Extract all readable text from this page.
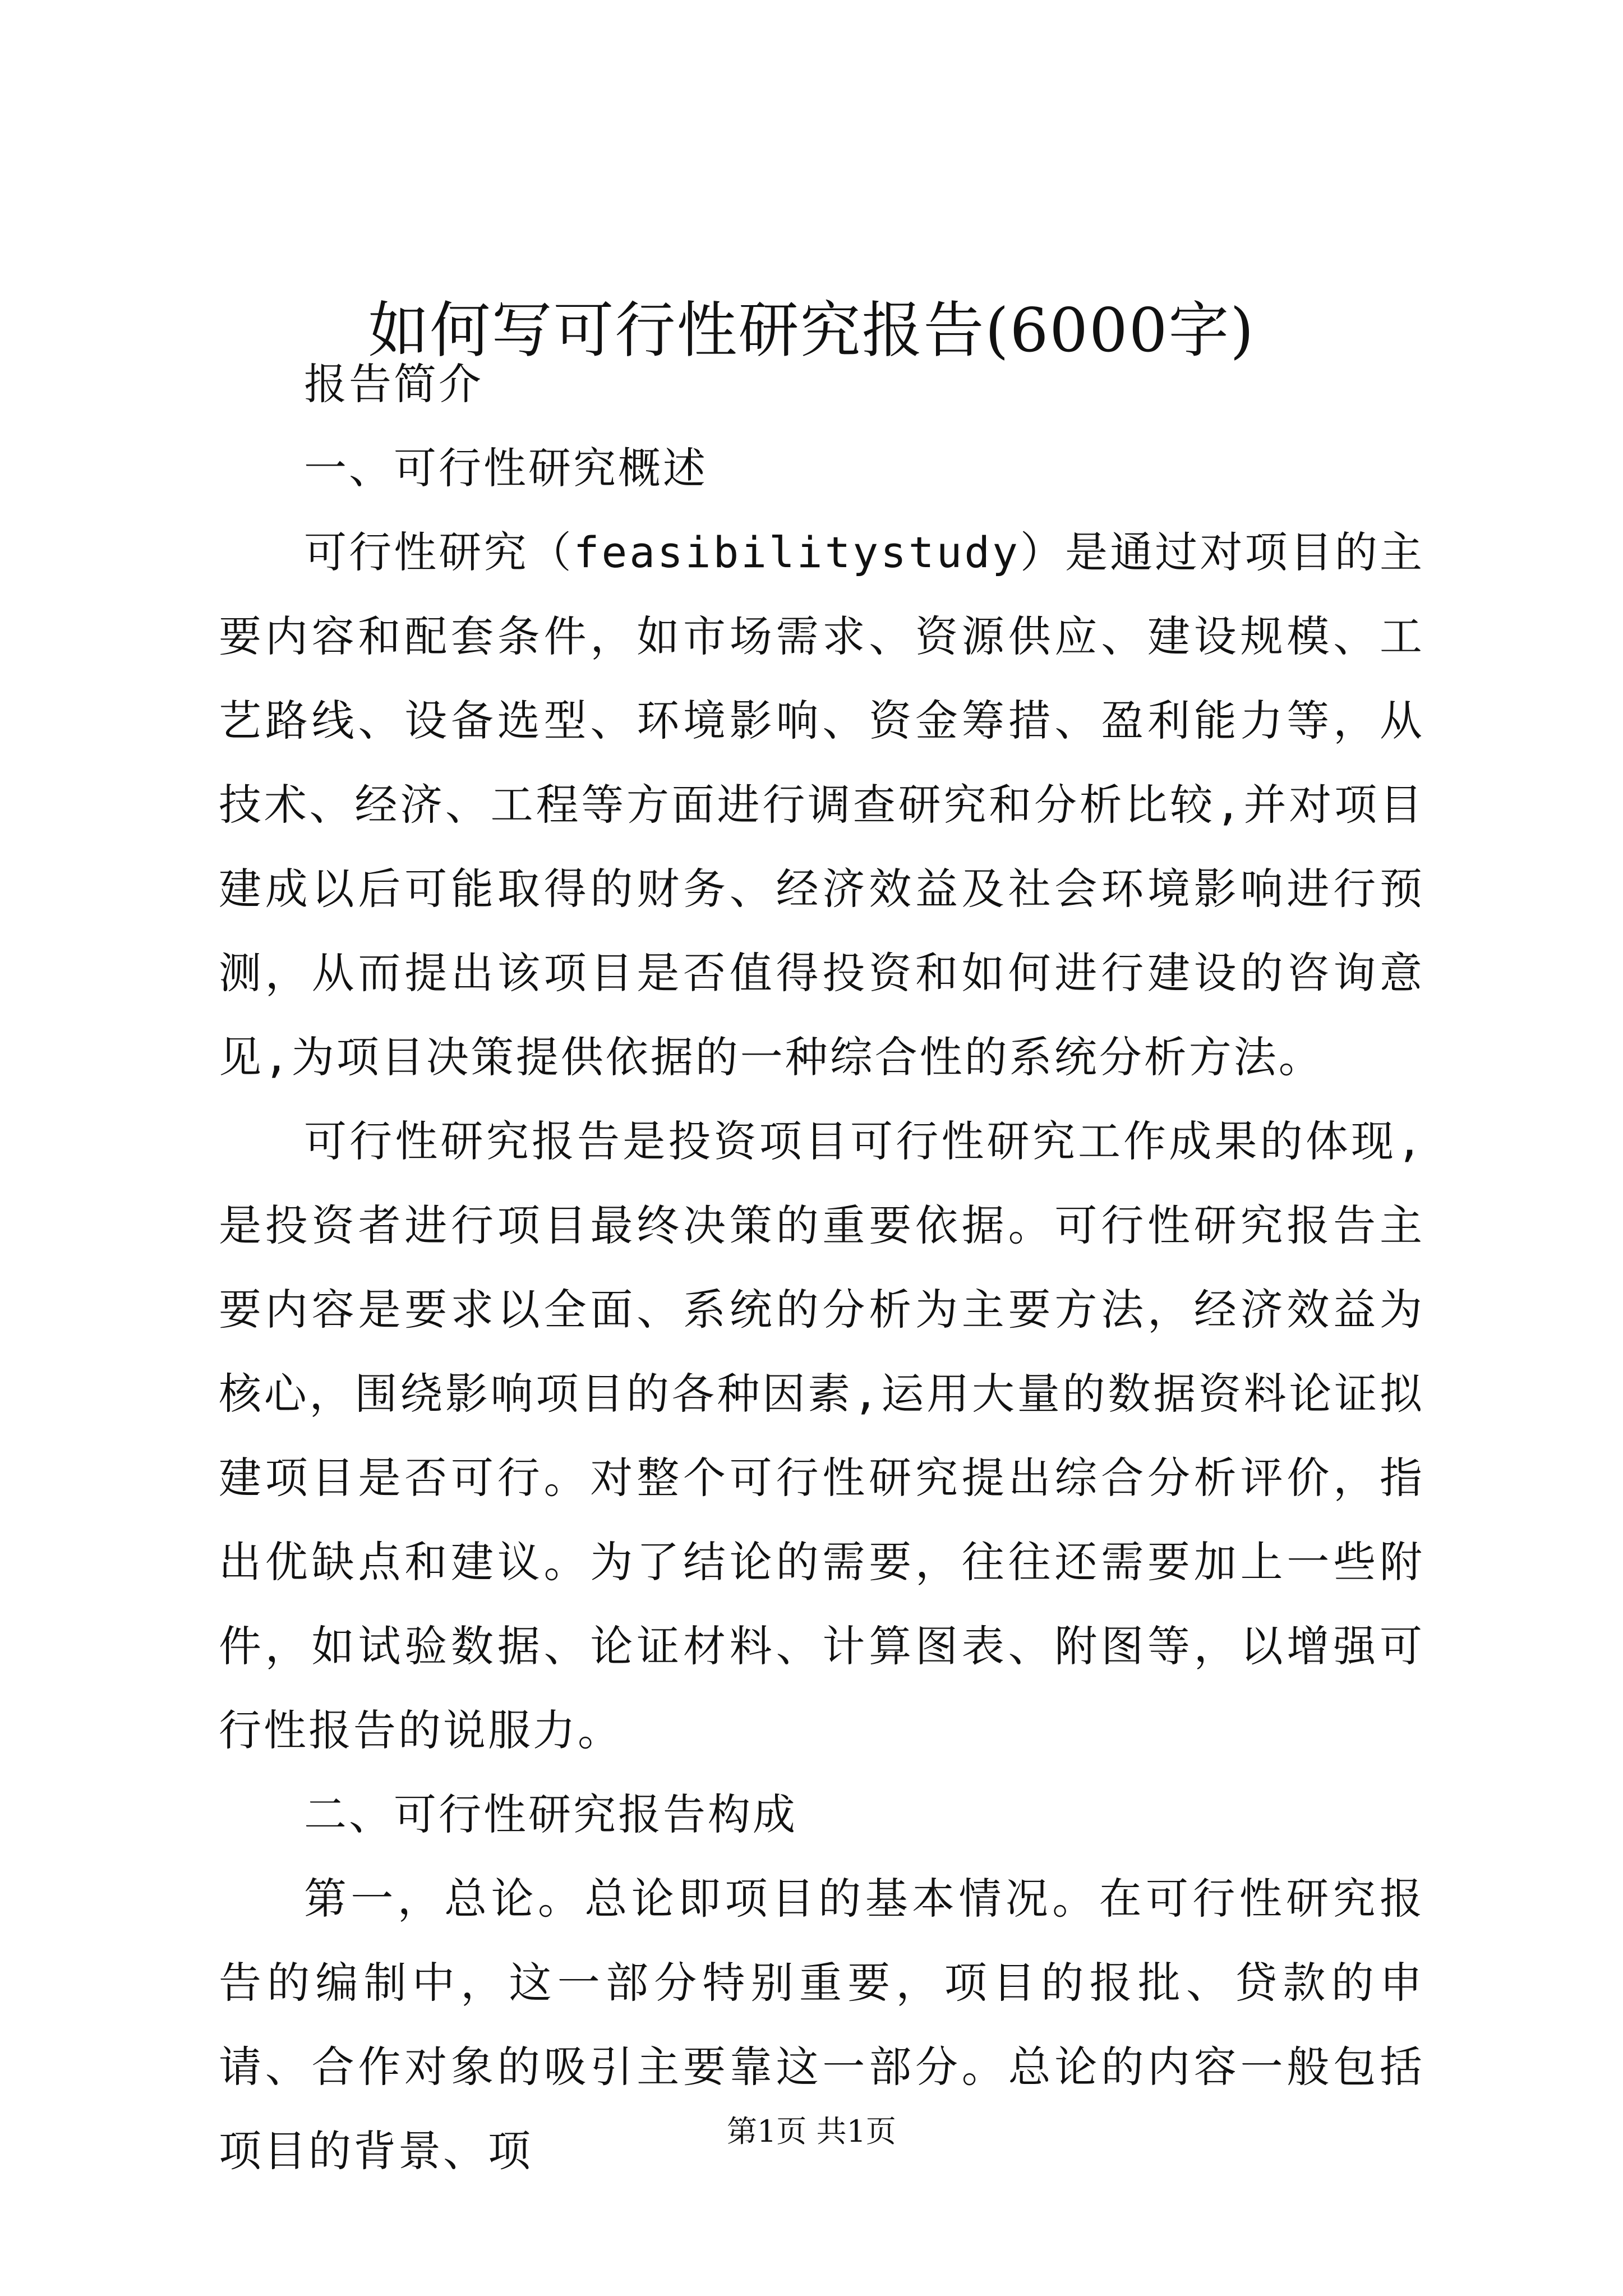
如何写可行性研究报告(6000字)

报告简介

一、可行性研究概述

可行性研究（feasibilitystudy）是通过对项目的主要内容和配套条件，如市场需求、资源供应、建设规模、工艺路线、设备选型、环境影响、资金筹措、盈利能力等，从技术、经济、工程等方面进行调查研究和分析比较,并对项目建成以后可能取得的财务、经济效益及社会环境影响进行预测，从而提出该项目是否值得投资和如何进行建设的咨询意见,为项目决策提供依据的一种综合性的系统分析方法。

可行性研究报告是投资项目可行性研究工作成果的体现,是投资者进行项目最终决策的重要依据。可行性研究报告主要内容是要求以全面、系统的分析为主要方法，经济效益为核心，围绕影响项目的各种因素,运用大量的数据资料论证拟建项目是否可行。对整个可行性研究提出综合分析评价，指出优缺点和建议。为了结论的需要，往往还需要加上一些附件，如试验数据、论证材料、计算图表、附图等，以增强可行性报告的说服力。

二、可行性研究报告构成

第一，总论。总论即项目的基本情况。在可行性研究报告的编制中，这一部分特别重要，项目的报批、贷款的申请、合作对象的吸引主要靠这一部分。总论的内容一般包括项目的背景、项	第1页 共1页
